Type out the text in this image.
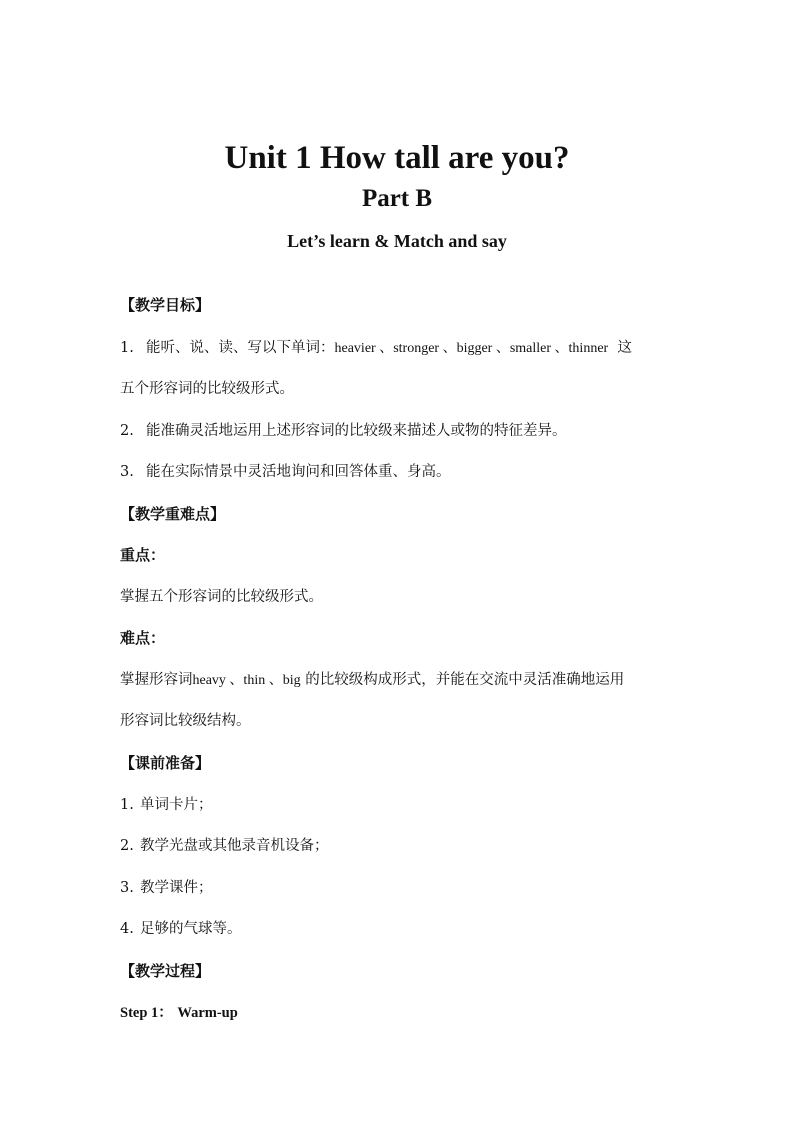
Unit 1 How tall are you?
Part B
Let’s learn & Match and say
【教学目标】
1. 能听、说、读、写以下单词：heavier 、stronger 、bigger 、smaller 、thinner 这
五个形容词的比较级形式。
2. 能准确灵活地运用上述形容词的比较级来描述人或物的特征差异。
3. 能在实际情景中灵活地询问和回答体重、身高。
【教学重难点】
重点：
掌握五个形容词的比较级形式。
难点：
掌握形容词heavy 、thin 、big 的比较级构成形式，并能在交流中灵活准确地运用
形容词比较级结构。
【课前准备】
1. 单词卡片；
2. 教学光盘或其他录音机设备；
3. 教学课件；
4. 足够的气球等。
【教学过程】
Step 1： Warm-up
